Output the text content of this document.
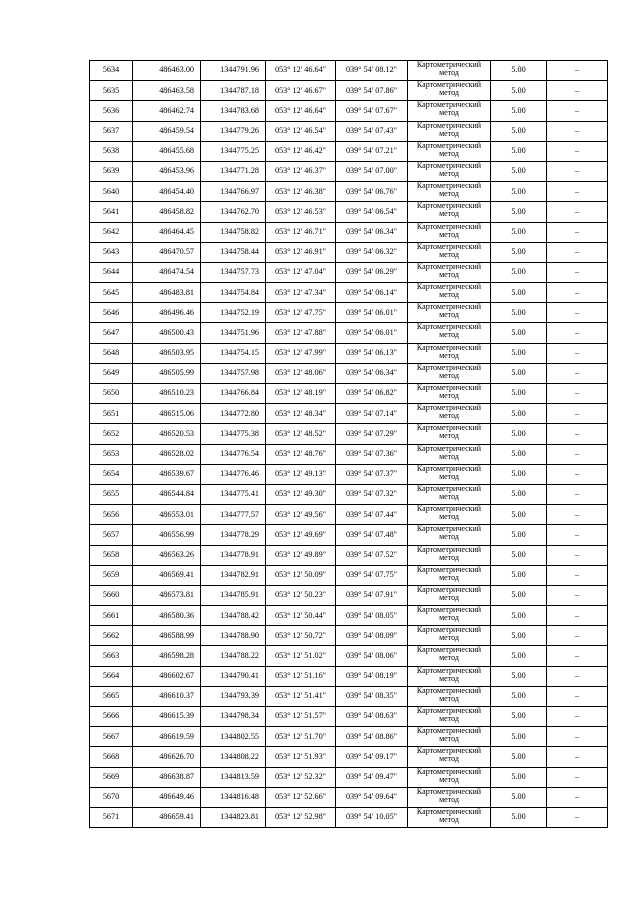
5634	486463.00	1344791.96	053° 12' 46.64"	039° 54' 08.12"	Картометрический метод	5.00	–
5635	486463.58	1344787.18	053° 12' 46.67"	039° 54' 07.86"	Картометрический метод	5.00	–
5636	486462.74	1344783.68	053° 12' 46.64"	039° 54' 07.67"	Картометрический метод	5.00	–
5637	486459.54	1344779.26	053° 12' 46.54"	039° 54' 07.43"	Картометрический метод	5.00	–
5638	486455.68	1344775.25	053° 12' 46.42"	039° 54' 07.21"	Картометрический метод	5.00	–
5639	486453.96	1344771.28	053° 12' 46.37"	039° 54' 07.00"	Картометрический метод	5.00	–
5640	486454.40	1344766.97	053° 12' 46.38"	039° 54' 06.76"	Картометрический метод	5.00	–
5641	486458.82	1344762.70	053° 12' 46.53"	039° 54' 06.54"	Картометрический метод	5.00	–
5642	486464.45	1344758.82	053° 12' 46.71"	039° 54' 06.34"	Картометрический метод	5.00	–
5643	486470.57	1344758.44	053° 12' 46.91"	039° 54' 06.32"	Картометрический метод	5.00	–
5644	486474.54	1344757.73	053° 12' 47.04"	039° 54' 06.29"	Картометрический метод	5.00	–
5645	486483.81	1344754.84	053° 12' 47.34"	039° 54' 06.14"	Картометрический метод	5.00	–
5646	486496.46	1344752.19	053° 12' 47.75"	039° 54' 06.01"	Картометрический метод	5.00	–
5647	486500.43	1344751.96	053° 12' 47.88"	039° 54' 06.01"	Картометрический метод	5.00	–
5648	486503.95	1344754.15	053° 12' 47.99"	039° 54' 06.13"	Картометрический метод	5.00	–
5649	486505.99	1344757.98	053° 12' 48.06"	039° 54' 06.34"	Картометрический метод	5.00	–
5650	486510.23	1344766.84	053° 12' 48.19"	039° 54' 06.82"	Картометрический метод	5.00	–
5651	486515.06	1344772.80	053° 12' 48.34"	039° 54' 07.14"	Картометрический метод	5.00	–
5652	486520.53	1344775.38	053° 12' 48.52"	039° 54' 07.29"	Картометрический метод	5.00	–
5653	486528.02	1344776.54	053° 12' 48.76"	039° 54' 07.36"	Картометрический метод	5.00	–
5654	486539.67	1344776.46	053° 12' 49.13"	039° 54' 07.37"	Картометрический метод	5.00	–
5655	486544.84	1344775.41	053° 12' 49.30"	039° 54' 07.32"	Картометрический метод	5.00	–
5656	486553.01	1344777.57	053° 12' 49.56"	039° 54' 07.44"	Картометрический метод	5.00	–
5657	486556.99	1344778.29	053° 12' 49.69"	039° 54' 07.48"	Картометрический метод	5.00	–
5658	486563.26	1344778.91	053° 12' 49.89"	039° 54' 07.52"	Картометрический метод	5.00	–
5659	486569.41	1344782.91	053° 12' 50.09"	039° 54' 07.75"	Картометрический метод	5.00	–
5660	486573.81	1344785.91	053° 12' 50.23"	039° 54' 07.91"	Картометрический метод	5.00	–
5661	486580.36	1344788.42	053° 12' 50.44"	039° 54' 08.05"	Картометрический метод	5.00	–
5662	486588.99	1344788.90	053° 12' 50.72"	039° 54' 08.09"	Картометрический метод	5.00	–
5663	486598.28	1344788.22	053° 12' 51.02"	039° 54' 08.06"	Картометрический метод	5.00	–
5664	486602.67	1344790.41	053° 12' 51.16"	039° 54' 08.19"	Картометрический метод	5.00	–
5665	486610.37	1344793.39	053° 12' 51.41"	039° 54' 08.35"	Картометрический метод	5.00	–
5666	486615.39	1344798.34	053° 12' 51.57"	039° 54' 08.63"	Картометрический метод	5.00	–
5667	486619.59	1344802.55	053° 12' 51.70"	039° 54' 08.86"	Картометрический метод	5.00	–
5668	486626.70	1344808.22	053° 12' 51.93"	039° 54' 09.17"	Картометрический метод	5.00	–
5669	486638.87	1344813.59	053° 12' 52.32"	039° 54' 09.47"	Картометрический метод	5.00	–
5670	486649.46	1344816.48	053° 12' 52.66"	039° 54' 09.64"	Картометрический метод	5.00	–
5671	486659.41	1344823.81	053° 12' 52.98"	039° 54' 10.05"	Картометрический метод	5.00	–
